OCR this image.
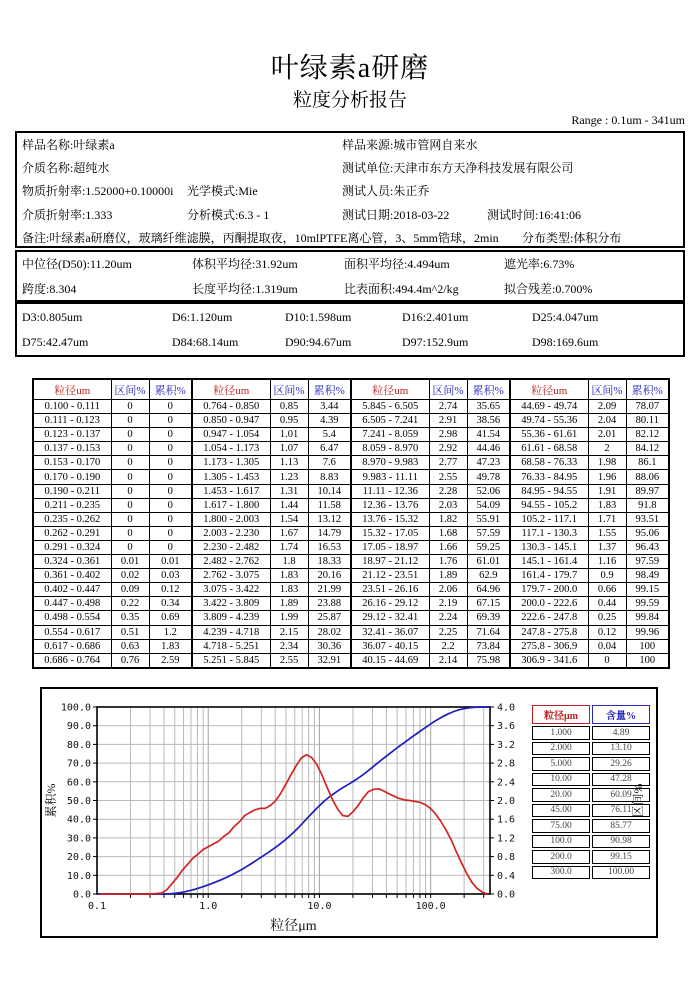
叶绿素a研磨
粒度分析报告
Range : 0.1um - 341um
样品名称:叶绿素a	样品来源:城市管网自来水
介质名称:超纯水	测试单位:天津市东方天净科技发展有限公司
物质折射率:1.52000+0.10000i 光学模式:Mie	测试人员:朱正乔
介质折射率:1.333	分析模式:6.3 - 1	测试日期:2018-03-22	测试时间:16:41:06
备注:叶绿素a研磨仪，玻璃纤维滤膜，丙酮提取夜，10mlPTFE离心管，3、5mm锆球，2min 分布类型:体积分布
中位径(D50):11.20um	体积平均径:31.92um	面积平均径:4.494um	遮光率:6.73%
跨度:8.304	长度平均径:1.319um	比表面积:494.4m^2/kg	拟合残差:0.700%
D3:0.805um	D6:1.120um	D10:1.598um	D16:2.401um	D25:4.047um
D75:42.47um	D84:68.14um	D90:94.67um	D97:152.9um	D98:169.6um
粒径um	区间%	累积%	粒径um	区间%	累积%	粒径um	区间%	累积%	粒径um	区间%	累积%
0.100 - 0.111	0	0	0.764 - 0.850	0.85	3.44	5.845 - 6.505	2.74	35.65	44.69 - 49.74	2.09	78.07
0.111 - 0.123	0	0	0.850 - 0.947	0.95	4.39	6.505 - 7.241	2.91	38.56	49.74 - 55.36	2.04	80.11
0.123 - 0.137	0	0	0.947 - 1.054	1.01	5.4	7.241 - 8.059	2.98	41.54	55.36 - 61.61	2.01	82.12
0.137 - 0.153	0	0	1.054 - 1.173	1.07	6.47	8.059 - 8.970	2.92	44.46	61.61 - 68.58	2	84.12
0.153 - 0.170	0	0	1.173 - 1.305	1.13	7.6	8.970 - 9.983	2.77	47.23	68.58 - 76.33	1.98	86.1
0.170 - 0.190	0	0	1.305 - 1.453	1.23	8.83	9.983 - 11.11	2.55	49.78	76.33 - 84.95	1.96	88.06
0.190 - 0.211	0	0	1.453 - 1.617	1.31	10.14	11.11 - 12.36	2.28	52.06	84.95 - 94.55	1.91	89.97
0.211 - 0.235	0	0	1.617 - 1.800	1.44	11.58	12.36 - 13.76	2.03	54.09	94.55 - 105.2	1.83	91.8
0.235 - 0.262	0	0	1.800 - 2.003	1.54	13.12	13.76 - 15.32	1.82	55.91	105.2 - 117.1	1.71	93.51
0.262 - 0.291	0	0	2.003 - 2.230	1.67	14.79	15.32 - 17.05	1.68	57.59	117.1 - 130.3	1.55	95.06
0.291 - 0.324	0	0	2.230 - 2.482	1.74	16.53	17.05 - 18.97	1.66	59.25	130.3 - 145.1	1.37	96.43
0.324 - 0.361	0.01	0.01	2.482 - 2.762	1.8	18.33	18.97 - 21.12	1.76	61.01	145.1 - 161.4	1.16	97.59
0.361 - 0.402	0.02	0.03	2.762 - 3.075	1.83	20.16	21.12 - 23.51	1.89	62.9	161.4 - 179.7	0.9	98.49
0.402 - 0.447	0.09	0.12	3.075 - 3.422	1.83	21.99	23.51 - 26.16	2.06	64.96	179.7 - 200.0	0.66	99.15
0.447 - 0.498	0.22	0.34	3.422 - 3.809	1.89	23.88	26.16 - 29.12	2.19	67.15	200.0 - 222.6	0.44	99.59
0.498 - 0.554	0.35	0.69	3.809 - 4.239	1.99	25.87	29.12 - 32.41	2.24	69.39	222.6 - 247.8	0.25	99.84
0.554 - 0.617	0.51	1.2	4.239 - 4.718	2.15	28.02	32.41 - 36.07	2.25	71.64	247.8 - 275.8	0.12	99.96
0.617 - 0.686	0.63	1.83	4.718 - 5.251	2.34	30.36	36.07 - 40.15	2.2	73.84	275.8 - 306.9	0.04	100
0.686 - 0.764	0.76	2.59	5.251 - 5.845	2.55	32.91	40.15 - 44.69	2.14	75.98	306.9 - 341.6	0	100
0.0
10.0
20.0
30.0
40.0
50.0
60.0
70.0
80.0
90.0
100.0
0.0
0.4
0.8
1.2
1.6
2.0
2.4
2.8
3.2
3.6
4.0
0.1	1.0	10.0	100.0
粒径μm
累积%	区间%
粒径μm	含量%
1.000	4.89
2.000	13.10
5.000	29.26
10.00	47.28
20.00	60.09
45.00	76.11
75.00	85.77
100.0	90.98
200.0	99.15
300.0	100.00
